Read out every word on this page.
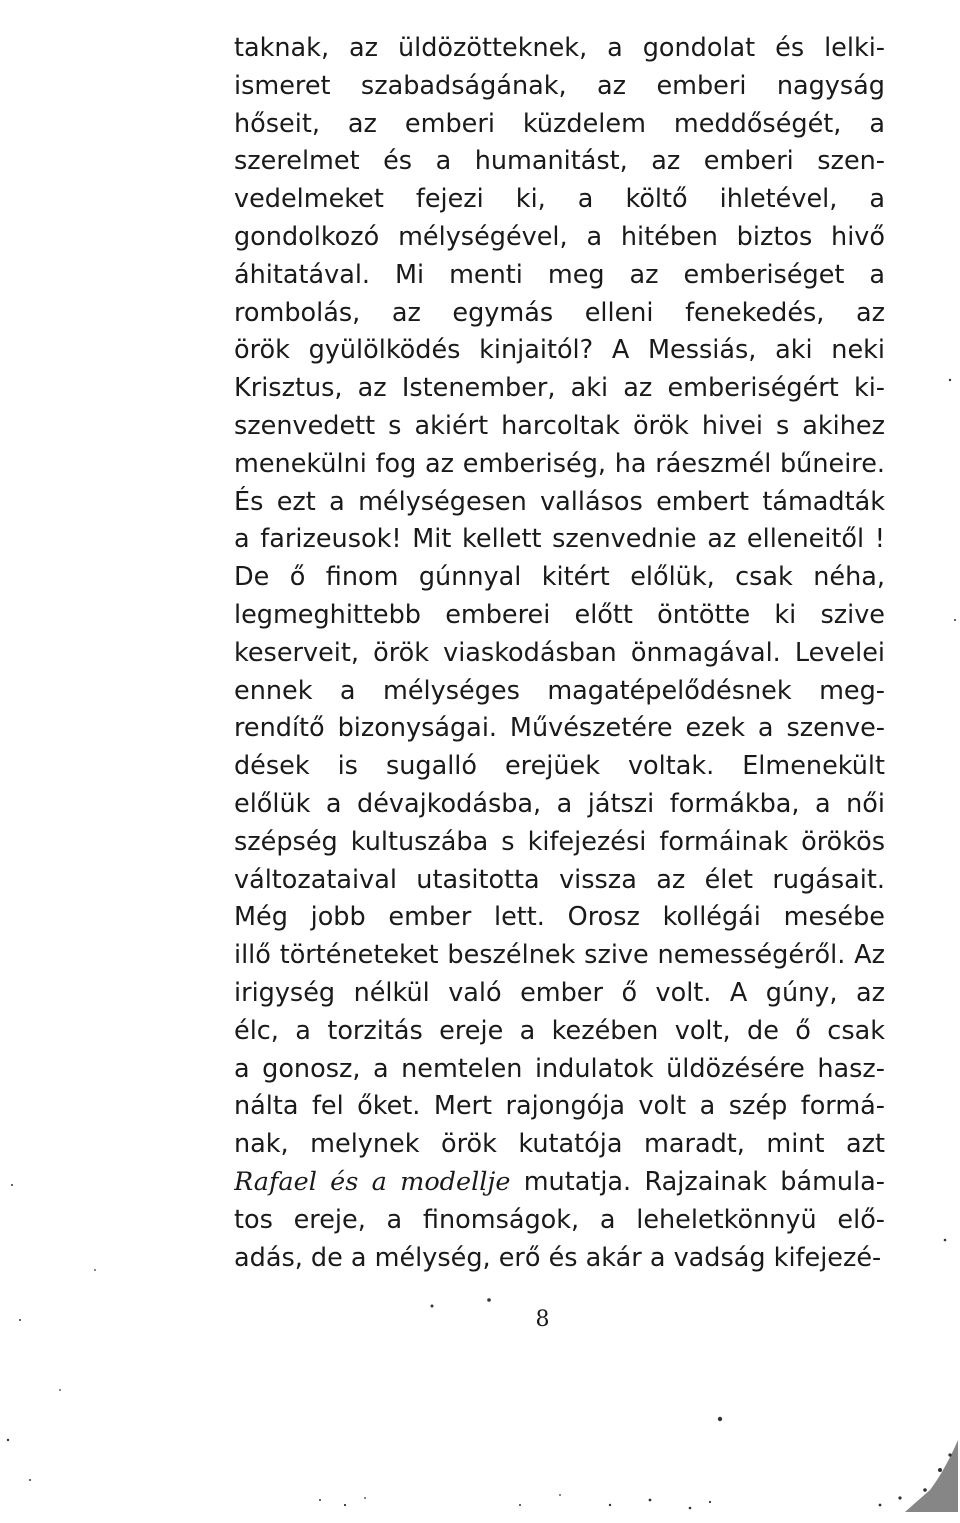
taknak, az üldözötteknek, a gondolat és lelki-
ismeret szabadságának, az emberi nagyság
hőseit, az emberi küzdelem meddőségét, a
szerelmet és a humanitást, az emberi szen-
vedelmeket fejezi ki, a költő ihletével, a
gondolkozó mélységével, a hitében biztos hivő
áhitatával. Mi menti meg az emberiséget a
rombolás, az egymás elleni fenekedés, az
örök gyülölködés kinjaitól? A Messiás, aki neki
Krisztus, az Istenember, aki az emberiségért ki-
szenvedett s akiért harcoltak örök hivei s akihez
menekülni fog az emberiség, ha ráeszmél bűneire.
És ezt a mélységesen vallásos embert támadták
a farizeusok! Mit kellett szenvednie az elleneitől !
De ő finom gúnnyal kitért előlük, csak néha,
legmeghittebb emberei előtt öntötte ki szive
keserveit, örök viaskodásban önmagával. Levelei
ennek a mélységes magatépelődésnek meg-
rendítő bizonyságai. Művészetére ezek a szenve-
dések is sugalló erejüek voltak. Elmenekült
előlük a dévajkodásba, a játszi formákba, a női
szépség kultuszába s kifejezési formáinak örökös
változataival utasitotta vissza az élet rugásait.
Még jobb ember lett. Orosz kollégái mesébe
illő történeteket beszélnek szive nemességéről. Az
irigység nélkül való ember ő volt. A gúny, az
élc, a torzitás ereje a kezében volt, de ő csak
a gonosz, a nemtelen indulatok üldözésére hasz-
nálta fel őket. Mert rajongója volt a szép formá-
nak, melynek örök kutatója maradt, mint azt
Rafael és a modellje mutatja. Rajzainak bámula-
tos ereje, a finomságok, a leheletkönnyü elő-
adás, de a mélység, erő és akár a vadság kifejezé-
8
